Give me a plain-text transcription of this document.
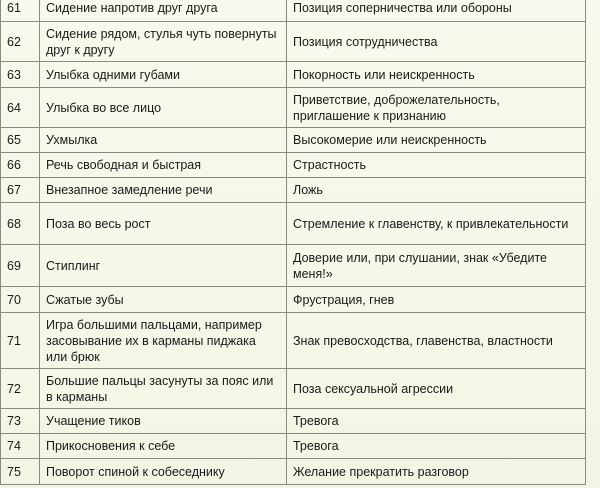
61	Сидение напротив друг друга	Позиция соперничества или обороны
62	Сидение рядом, стулья чуть повернуты друг к другу	Позиция сотрудничества
63	Улыбка одними губами	Покорность или неискренность
64	Улыбка во все лицо	Приветствие, доброжелательность, приглашение к признанию
65	Ухмылка	Высокомерие или неискренность
66	Речь свободная и быстрая	Страстность
67	Внезапное замедление речи	Ложь
68	Поза во весь рост	Стремление к главенству, к привлекательности
69	Стиплинг	Доверие или, при слушании, знак «Убедите меня!»
70	Сжатые зубы	Фрустрация, гнев
71	Игра большими пальцами, например засовывание их в карманы пиджака или брюк	Знак превосходства, главенства, властности
72	Большие пальцы засунуты за пояс или в карманы	Поза сексуальной агрессии
73	Учащение тиков	Тревога
74	Прикосновения к себе	Тревога
75	Поворот спиной к собеседнику	Желание прекратить разговор
